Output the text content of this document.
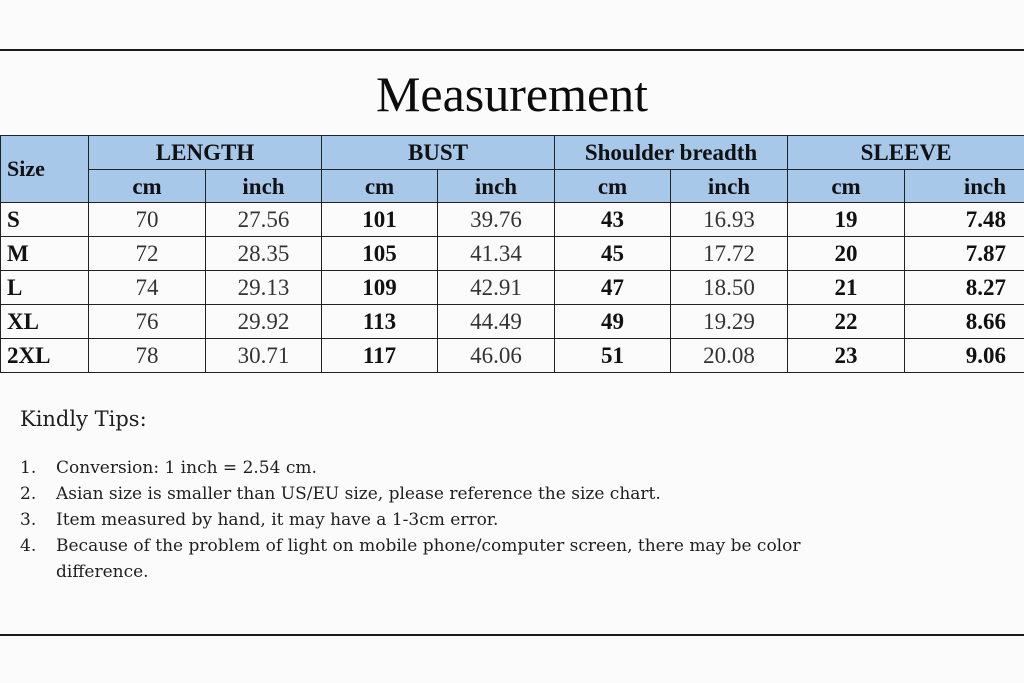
Measurement
Size	LENGTH		BUST		Shoulder breadth		SLEEVE	
	cm	inch	cm	inch	cm	inch	cm	inch
S	70	27.56	101	39.76	43	16.93	19	7.48
M	72	28.35	105	41.34	45	17.72	20	7.87
L	74	29.13	109	42.91	47	18.50	21	8.27
XL	76	29.92	113	44.49	49	19.29	22	8.66
2XL	78	30.71	117	46.06	51	20.08	23	9.06
Kindly Tips:
1. Conversion: 1 inch = 2.54 cm.
2. Asian size is smaller than US/EU size, please reference the size chart.
3. Item measured by hand, it may have a 1-3cm error.
4. Because of the problem of light on mobile phone/computer screen, there may be color difference.
